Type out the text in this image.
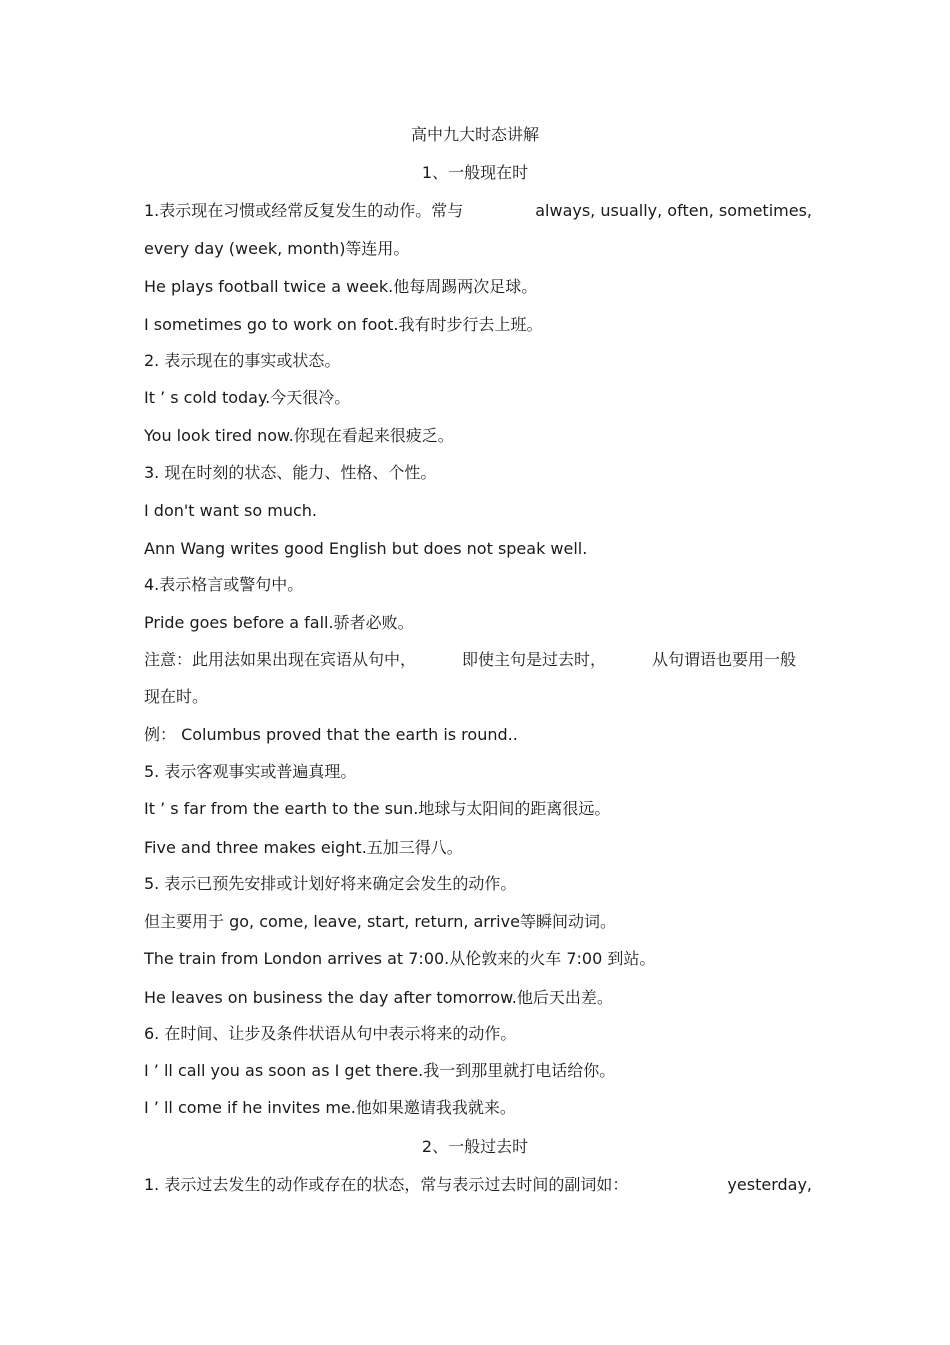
高中九大时态讲解
1、一般现在时
1.表示现在习惯或经常反复发生的动作。常与	always, usually, often, sometimes,
every day (week, month)等连用。
He plays football twice a week.他每周踢两次足球。
I sometimes go to work on foot.我有时步行去上班。
2. 表示现在的事实或状态。
It ’ s cold today.今天很冷。
You look tired now.你现在看起来很疲乏。
3. 现在时刻的状态、能力、性格、个性。
I don't want so much.
Ann Wang writes good English but does not speak well.
4.表示格言或警句中。
Pride goes before a fall.骄者必败。
注意：此用法如果出现在宾语从句中，	即使主句是过去时，	从句谓语也要用一般
现在时。
例： Columbus proved that the earth is round..
5. 表示客观事实或普遍真理。
It ’ s far from the earth to the sun.地球与太阳间的距离很远。
Five and three makes eight.五加三得八。
5. 表示已预先安排或计划好将来确定会发生的动作。
但主要用于 go, come, leave, start, return, arrive等瞬间动词。
The train from London arrives at 7:00.从伦敦来的火车 7:00 到站。
He leaves on business the day after tomorrow.他后天出差。
6. 在时间、让步及条件状语从句中表示将来的动作。
I ’ ll call you as soon as I get there.我一到那里就打电话给你。
I ’ ll come if he invites me.他如果邀请我我就来。
2、一般过去时
1. 表示过去发生的动作或存在的状态，常与表示过去时间的副词如：	yesterday,
